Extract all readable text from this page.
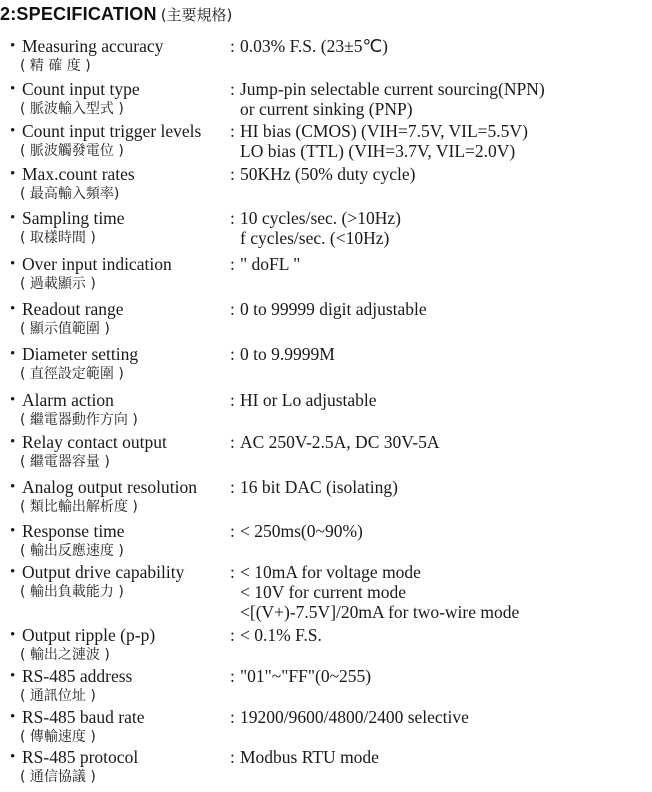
2:SPECIFICATION (主要規格)
• Measuring accuracy	: 0.03% F.S. (23±5℃)
( 精 確 度 )
• Count input type	: Jump-pin selectable current sourcing(NPN)
( 脈波輸入型式 )	or current sinking (PNP)
• Count input trigger levels : HI bias (CMOS) (VIH=7.5V, VIL=5.5V)
( 脈波觸發電位 )	LO bias (TTL) (VIH=3.7V, VIL=2.0V)
• Max.count rates	: 50KHz (50% duty cycle)
( 最高輸入頻率)
• Sampling time	: 10 cycles/sec. (>10Hz)
( 取樣時間 )	f cycles/sec. (<10Hz)
• Over input indication	: " doFL "
( 過載顯示 )
• Readout range	: 0 to 99999 digit adjustable
( 顯示值範圍 )
• Diameter setting	: 0 to 9.9999M
( 直徑設定範圍 )
• Alarm action	: HI or Lo adjustable
( 繼電器動作方向 )
• Relay contact output	: AC 250V-2.5A, DC 30V-5A
( 繼電器容量 )
• Analog output resolution : 16 bit DAC (isolating)
( 類比輸出解析度 )
• Response time	: < 250ms(0~90%)
( 輸出反應速度 )
• Output drive capability	: < 10mA for voltage mode
( 輸出負載能力 )	< 10V for current mode
<[(V+)-7.5V]/20mA for two-wire mode
• Output ripple (p-p)	: < 0.1% F.S.
( 輸出之漣波 )
• RS-485 address	: "01"~"FF"(0~255)
( 通訊位址 )
• RS-485 baud rate	: 19200/9600/4800/2400 selective
( 傳輸速度 )
• RS-485 protocol	: Modbus RTU mode
( 通信協議 )
